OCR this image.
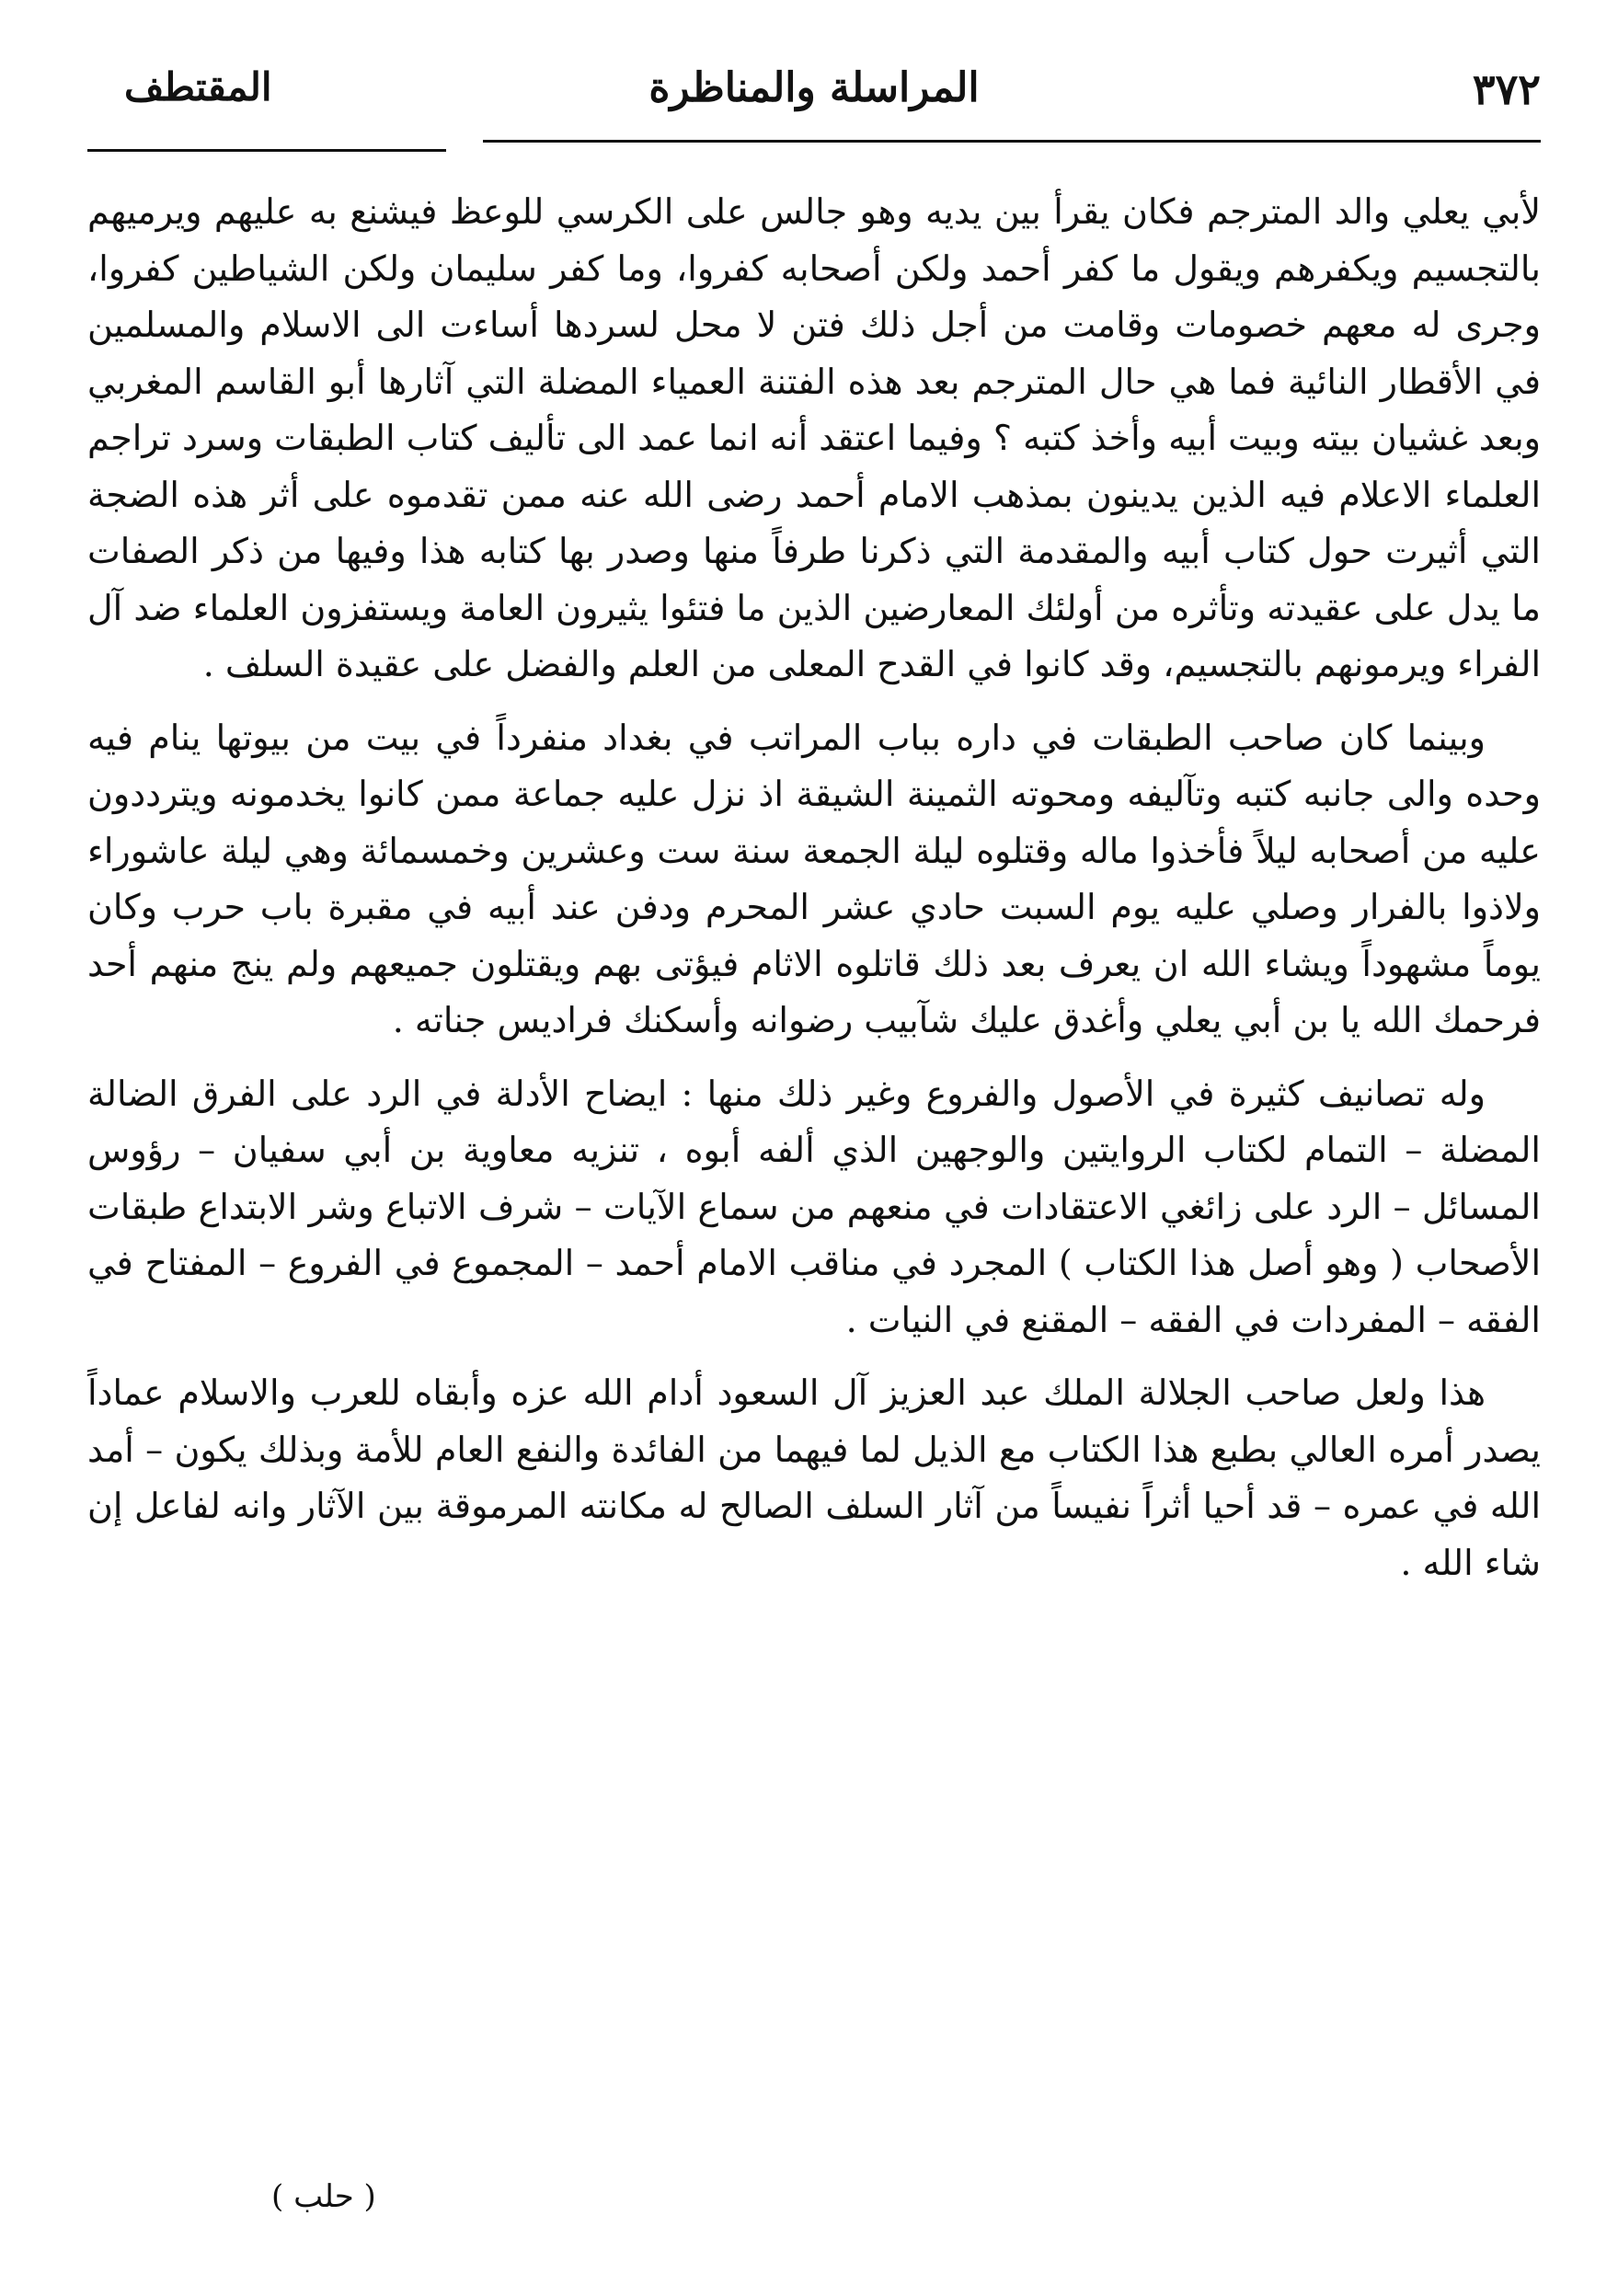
٣٧٢
المراسلة والمناظرة
المقتطف

لأبي يعلي والد المترجم فكان يقرأ بين يديه وهو جالس على الكرسي للوعظ فيشنع به عليهم ويرميهم بالتجسيم ويكفرهم ويقول ما كفر أحمد ولكن أصحابه كفروا، وما كفر سليمان ولكن الشياطين كفروا، وجرى له معهم خصومات وقامت من أجل ذلك فتن لا محل لسردها أساءت الى الاسلام والمسلمين في الأقطار النائية فما هي حال المترجم بعد هذه الفتنة العمياء المضلة التي آثارها أبو القاسم المغربي وبعد غشيان بيته وبيت أبيه وأخذ كتبه ؟ وفيما اعتقد أنه انما عمد الى تأليف كتاب الطبقات وسرد تراجم العلماء الاعلام فيه الذين يدينون بمذهب الامام أحمد رضى الله عنه ممن تقدموه على أثر هذه الضجة التي أثيرت حول كتاب أبيه والمقدمة التي ذكرنا طرفاً منها وصدر بها كتابه هذا وفيها من ذكر الصفات ما يدل على عقيدته وتأثره من أولئك المعارضين الذين ما فتئوا يثيرون العامة ويستفزون العلماء ضد آل الفراء ويرمونهم بالتجسيم، وقد كانوا في القدح المعلى من العلم والفضل على عقيدة السلف .

وبينما كان صاحب الطبقات في داره بباب المراتب في بغداد منفرداً في بيت من بيوتها ينام فيه وحده والى جانبه كتبه وتآليفه ومحوته الثمينة الشيقة اذ نزل عليه جماعة ممن كانوا يخدمونه ويترددون عليه من أصحابه ليلاً فأخذوا ماله وقتلوه ليلة الجمعة سنة ست وعشرين وخمسمائة وهي ليلة عاشوراء ولاذوا بالفرار وصلي عليه يوم السبت حادي عشر المحرم ودفن عند أبيه في مقبرة باب حرب وكان يوماً مشهوداً ويشاء الله ان يعرف بعد ذلك قاتلوه الاثام فيؤتى بهم ويقتلون جميعهم ولم ينج منهم أحد فرحمك الله يا بن أبي يعلي وأغدق عليك شآبيب رضوانه وأسكنك فراديس جناته .

وله تصانيف كثيرة في الأصول والفروع وغير ذلك منها : ايضاح الأدلة في الرد على الفرق الضالة المضلة – التمام لكتاب الروايتين والوجهين الذي ألفه أبوه ، تنزيه معاوية بن أبي سفيان – رؤوس المسائل – الرد على زائغي الاعتقادات في منعهم من سماع الآيات – شرف الاتباع وشر الابتداع طبقات الأصحاب ( وهو أصل هذا الكتاب ) المجرد في مناقب الامام أحمد – المجموع في الفروع – المفتاح في الفقه – المفردات في الفقه – المقنع في النيات .

هذا ولعل صاحب الجلالة الملك عبد العزيز آل السعود أدام الله عزه وأبقاه للعرب والاسلام عماداً يصدر أمره العالي بطبع هذا الكتاب مع الذيل لما فيهما من الفائدة والنفع العام للأمة وبذلك يكون – أمد الله في عمره – قد أحيا أثراً نفيساً من آثار السلف الصالح له مكانته المرموقة بين الآثار وانه لفاعل إن شاء الله .

( حلب )
